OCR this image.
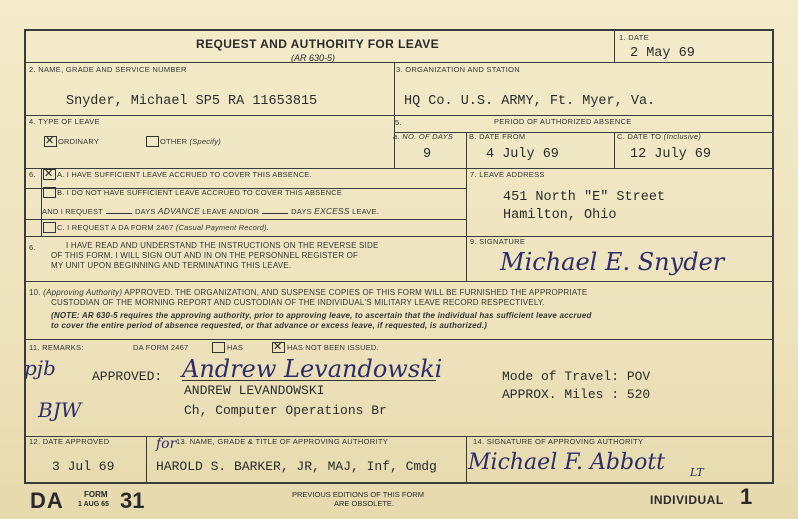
REQUEST AND AUTHORITY FOR LEAVE
(AR 630-5)
1. DATE
2 May 69
2. NAME, GRADE AND SERVICE NUMBER
Snyder, Michael SP5 RA 11653815
3. ORGANIZATION AND STATION
HQ Co. U.S. ARMY, Ft. Myer, Va.
4. TYPE OF LEAVE
✕
ORDINARY	OTHER (Specify)
5.	PERIOD OF AUTHORIZED ABSENCE
a. NO. OF DAYS
9
B. DATE FROM
4 July 69
C. DATE TO (Inclusive)
12 July 69
6. ✕	A. I HAVE SUFFICIENT LEAVE ACCRUED TO COVER THIS ABSENCE.
B. I DO NOT HAVE SUFFICIENT LEAVE ACCRUED TO COVER THIS ABSENCE
AND I REQUEST	DAYS ADVANCE LEAVE AND/OR	DAYS EXCESS LEAVE.
C. I REQUEST A DA FORM 2467 (Casual Payment Record).
7. LEAVE ADDRESS
451 North "E" Street
Hamilton, Ohio
6.	I HAVE READ AND UNDERSTAND THE INSTRUCTIONS ON THE REVERSE SIDE
OF THIS FORM. I WILL SIGN OUT AND IN ON THE PERSONNEL REGISTER OF
MY UNIT UPON BEGINNING AND TERMINATING THIS LEAVE.
9. SIGNATURE
Michael E. Snyder
10. (Approving Authority) APPROVED. THE ORGANIZATION, AND SUSPENSE COPIES OF THIS FORM WILL BE FURNISHED THE APPROPRIATE
CUSTODIAN OF THE MORNING REPORT AND CUSTODIAN OF THE INDIVIDUAL'S MILITARY LEAVE RECORD RESPECTIVELY.
(NOTE: AR 630-5 requires the approving authority, prior to approving leave, to ascertain that the individual has sufficient leave accrued
to cover the entire period of absence requested, or that advance or excess leave, if requested, is authorized.)
11. REMARKS:	DA FORM 2467	HAS ✕	HAS NOT BEEN ISSUED.
pjb
BJW
APPROVED: Andrew Levandowski
ANDREW LEVANDOWSKI
Ch, Computer Operations Br
Mode of Travel: POV
APPROX. Miles : 520
12. DATE APPROVED
3 Jul 69
13. NAME, GRADE & TITLE OF APPROVING AUTHORITY
for
HAROLD S. BARKER, JR, MAJ, Inf, Cmdg
14. SIGNATURE OF APPROVING AUTHORITY
Michael F. Abbott LT
DA	FORM
1 AUG 65 31	PREVIOUS EDITIONS OF THIS FORM
ARE OBSOLETE.	INDIVIDUAL 1
